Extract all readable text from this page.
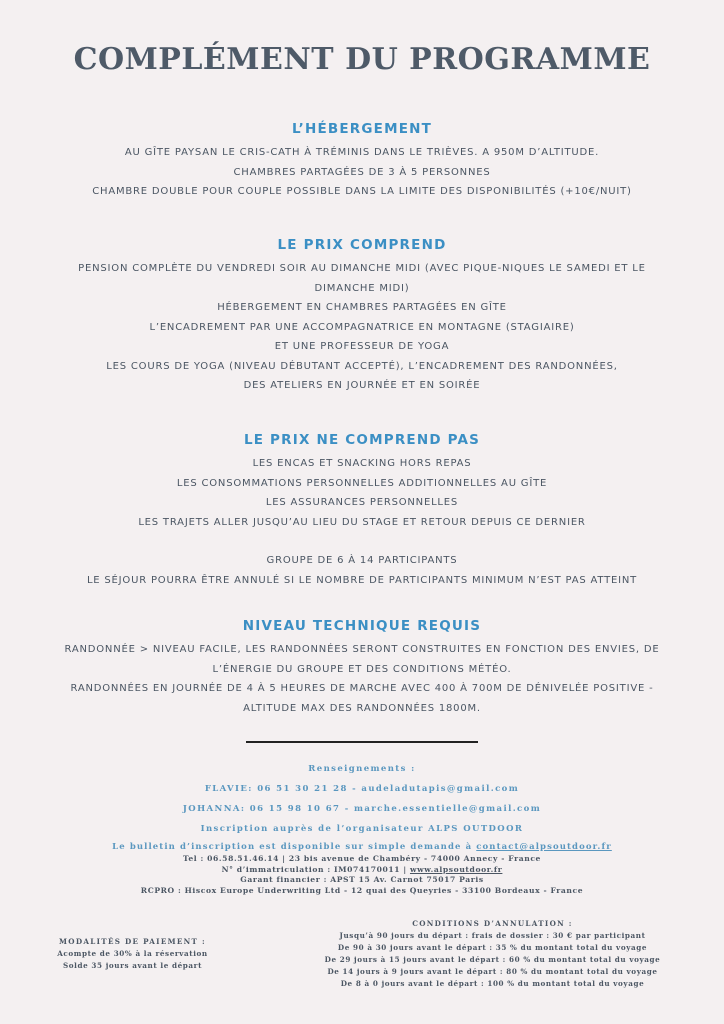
COMPLÉMENT DU PROGRAMME
L’HÉBERGEMENT
AU GÎTE PAYSAN LE CRIS-CATH À TRÉMINIS DANS LE TRIÈVES. A 950M D’ALTITUDE.
CHAMBRES PARTAGÉES DE 3 À 5 PERSONNES
CHAMBRE DOUBLE POUR COUPLE POSSIBLE DANS LA LIMITE DES DISPONIBILITÉS (+10€/NUIT)
LE PRIX COMPREND
PENSION COMPLÈTE DU VENDREDI SOIR AU DIMANCHE MIDI (AVEC PIQUE-NIQUES LE SAMEDI ET LE
DIMANCHE MIDI)
HÉBERGEMENT EN CHAMBRES PARTAGÉES EN GÎTE
L’ENCADREMENT PAR UNE ACCOMPAGNATRICE EN MONTAGNE (STAGIAIRE)
ET UNE PROFESSEUR DE YOGA
LES COURS DE YOGA (NIVEAU DÉBUTANT ACCEPTÉ), L’ENCADREMENT DES RANDONNÉES,
DES ATELIERS EN JOURNÉE ET EN SOIRÉE
LE PRIX NE COMPREND PAS
LES ENCAS ET SNACKING HORS REPAS
LES CONSOMMATIONS PERSONNELLES ADDITIONNELLES AU GÎTE
LES ASSURANCES PERSONNELLES
LES TRAJETS ALLER JUSQU’AU LIEU DU STAGE ET RETOUR DEPUIS CE DERNIER
GROUPE DE 6 À 14 PARTICIPANTS
LE SÉJOUR POURRA ÊTRE ANNULÉ SI LE NOMBRE DE PARTICIPANTS MINIMUM N’EST PAS ATTEINT
NIVEAU TECHNIQUE REQUIS
RANDONNÉE > NIVEAU FACILE, LES RANDONNÉES SERONT CONSTRUITES EN FONCTION DES ENVIES, DE
L’ÉNERGIE DU GROUPE ET DES CONDITIONS MÉTÉO.
RANDONNÉES EN JOURNÉE DE 4 À 5 HEURES DE MARCHE AVEC 400 À 700M DE DÉNIVELÉE POSITIVE -
ALTITUDE MAX DES RANDONNÉES 1800M.
Renseignements :
FLAVIE: 06 51 30 21 28 - audeladutapis@gmail.com
JOHANNA: 06 15 98 10 67 - marche.essentielle@gmail.com
Inscription auprès de l’organisateur ALPS OUTDOOR
Le bulletin d’inscription est disponible sur simple demande à contact@alpsoutdoor.fr
Tel : 06.58.51.46.14 | 23 bis avenue de Chambéry - 74000 Annecy - France
N° d’immatriculation : IM074170011 | www.alpsoutdoor.fr
Garant financier : APST 15 Av. Carnot 75017 Paris
RCPRO : Hiscox Europe Underwriting Ltd - 12 quai des Queyries - 33100 Bordeaux - France
MODALITÉS DE PAIEMENT :
Acompte de 30% à la réservation
Solde 35 jours avant le départ
CONDITIONS D’ANNULATION :
Jusqu’à 90 jours du départ : frais de dossier : 30 € par participant
De 90 à 30 jours avant le départ : 35 % du montant total du voyage
De 29 jours à 15 jours avant le départ : 60 % du montant total du voyage
De 14 jours à 9 jours avant le départ : 80 % du montant total du voyage
De 8 à 0 jours avant le départ : 100 % du montant total du voyage
